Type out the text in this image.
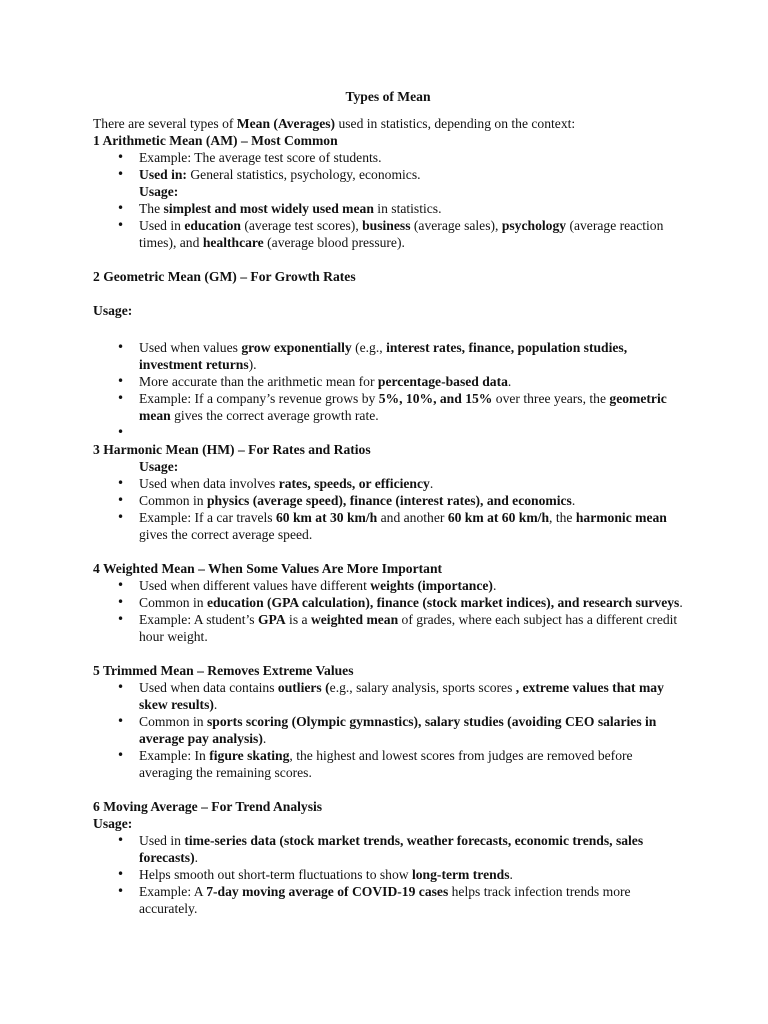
Types of Mean

There are several types of Mean (Averages) used in statistics, depending on the context:

1 Arithmetic Mean (AM) – Most Common

• Example: The average test score of students.
• Used in: General statistics, psychology, economics.

Usage:

• The simplest and most widely used mean in statistics.
• Used in education (average test scores), business (average sales), psychology (average reaction times), and healthcare (average blood pressure).

2 Geometric Mean (GM) – For Growth Rates

Usage:

• Used when values grow exponentially (e.g., interest rates, finance, population studies, investment returns).
• More accurate than the arithmetic mean for percentage-based data.
• Example: If a company’s revenue grows by 5%, 10%, and 15% over three years, the geometric mean gives the correct average growth rate.
•

3 Harmonic Mean (HM) – For Rates and Ratios

Usage:

• Used when data involves rates, speeds, or efficiency.
• Common in physics (average speed), finance (interest rates), and economics.
• Example: If a car travels 60 km at 30 km/h and another 60 km at 60 km/h, the harmonic mean gives the correct average speed.

4 Weighted Mean – When Some Values Are More Important

• Used when different values have different weights (importance).
• Common in education (GPA calculation), finance (stock market indices), and research surveys.
• Example: A student’s GPA is a weighted mean of grades, where each subject has a different credit hour weight.

5 Trimmed Mean – Removes Extreme Values

• Used when data contains outliers (e.g., salary analysis, sports scores , extreme values that may skew results).
• Common in sports scoring (Olympic gymnastics), salary studies (avoiding CEO salaries in average pay analysis).
• Example: In figure skating, the highest and lowest scores from judges are removed before averaging the remaining scores.

6 Moving Average – For Trend Analysis

Usage:

• Used in time-series data (stock market trends, weather forecasts, economic trends, sales forecasts).
• Helps smooth out short-term fluctuations to show long-term trends.
• Example: A 7-day moving average of COVID-19 cases helps track infection trends more accurately.
